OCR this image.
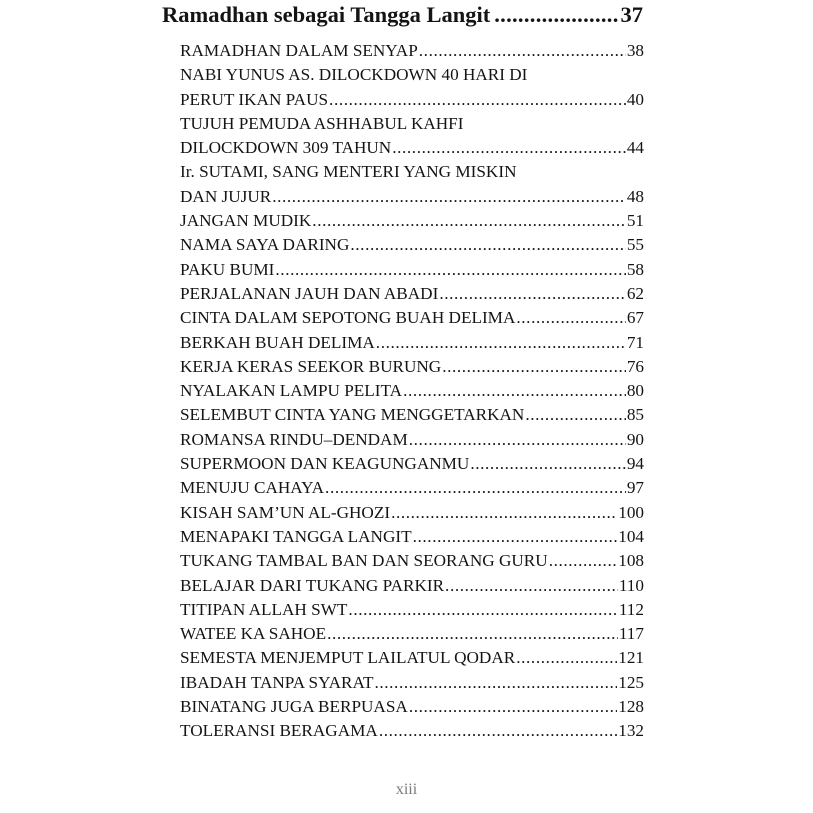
Ramadhan sebagai Tangga Langit .....	37
RAMADHAN DALAM SENYAP .....	38
NABI YUNUS AS. DILOCKDOWN 40 HARI DI
PERUT IKAN PAUS .....	40
TUJUH PEMUDA ASHHABUL KAHFI
DILOCKDOWN 309 TAHUN .....	44
Ir. SUTAMI, SANG MENTERI YANG MISKIN
DAN JUJUR .....	48
JANGAN MUDIK .....	51
NAMA SAYA DARING .....	55
PAKU BUMI .....	58
PERJALANAN JAUH DAN ABADI .....	62
CINTA DALAM SEPOTONG BUAH DELIMA .....	67
BERKAH BUAH DELIMA .....	71
KERJA KERAS SEEKOR BURUNG .....	76
NYALAKAN LAMPU PELITA .....	80
SELEMBUT CINTA YANG MENGGETARKAN .....	85
ROMANSA RINDU–DENDAM .....	90
SUPERMOON DAN KEAGUNGANMU .....	94
MENUJU CAHAYA .....	97
KISAH SAM’UN AL-GHOZI .....	100
MENAPAKI TANGGA LANGIT .....	104
TUKANG TAMBAL BAN DAN SEORANG GURU .....	108
BELAJAR DARI TUKANG PARKIR .....	110
TITIPAN ALLAH SWT .....	112
WATEE KA SAHOE .....	117
SEMESTA MENJEMPUT LAILATUL QODAR .....	121
IBADAH TANPA SYARAT .....	125
BINATANG JUGA BERPUASA .....	128
TOLERANSI BERAGAMA .....	132
xiii
